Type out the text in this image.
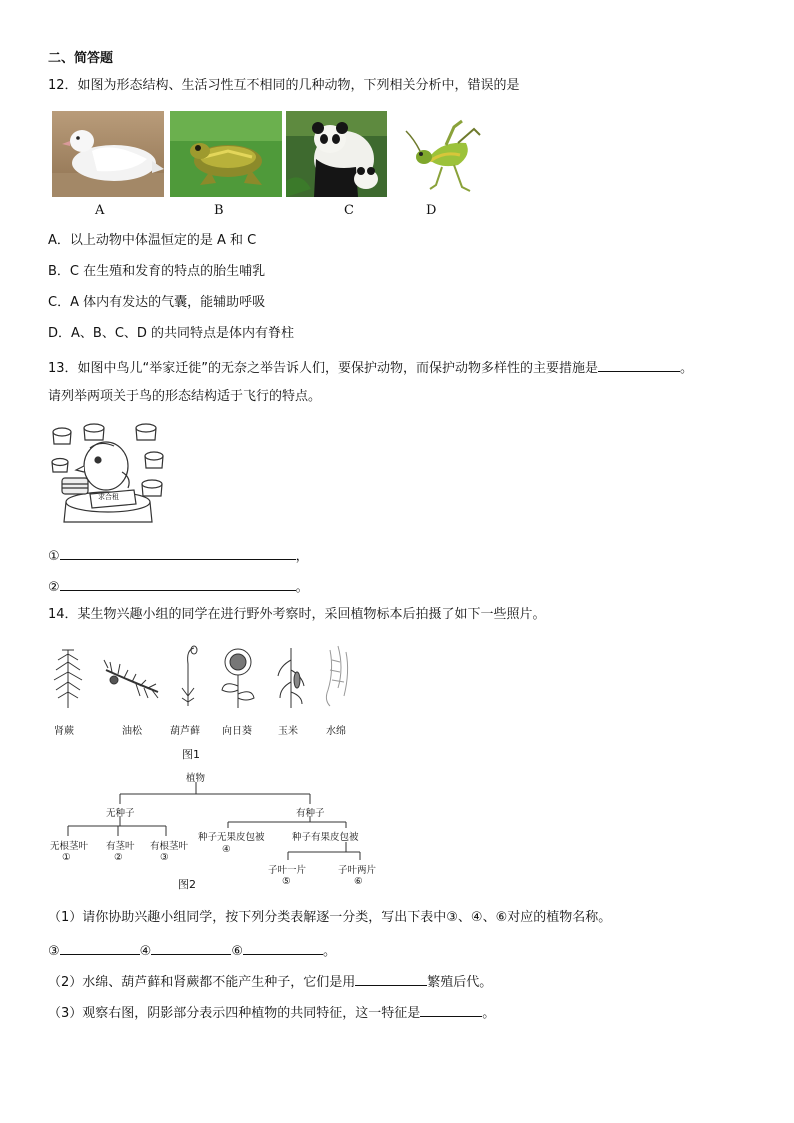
二、简答题
12．如图为形态结构、生活习性互不相同的几种动物，下列相关分析中，错误的是
A	B	C	D
A．以上动物中体温恒定的是 A 和 C
B．C 在生殖和发育的特点的胎生哺乳
C．A 体内有发达的气囊，能辅助呼吸
D．A、B、C、D 的共同特点是体内有脊柱
13．如图中鸟儿“举家迁徙”的无奈之举告诉人们，要保护动物，而保护动物多样性的主要措施是	。
请列举两项关于鸟的形态结构适于飞行的特点。
求合租
①	，
②	。
14．某生物兴趣小组的同学在进行野外考察时，采回植物标本后拍摄了如下一些照片。
肾蕨	油松	葫芦藓 向日葵	玉米	水绵
图1
植物
无种子	有种子
无根茎叶 有茎叶 有根茎叶
①	②	③
种子无果皮包被
④
种子有果皮包被
子叶一片	子叶两片
⑤	⑥
图2
（1）请你协助兴趣小组同学，按下列分类表解逐一分类，写出下表中③、④、⑥对应的植物名称。
③	④	⑥	。
（2）水绵、葫芦藓和肾蕨都不能产生种子，它们是用	繁殖后代。
（3）观察右图，阴影部分表示四种植物的共同特征，这一特征是	。
